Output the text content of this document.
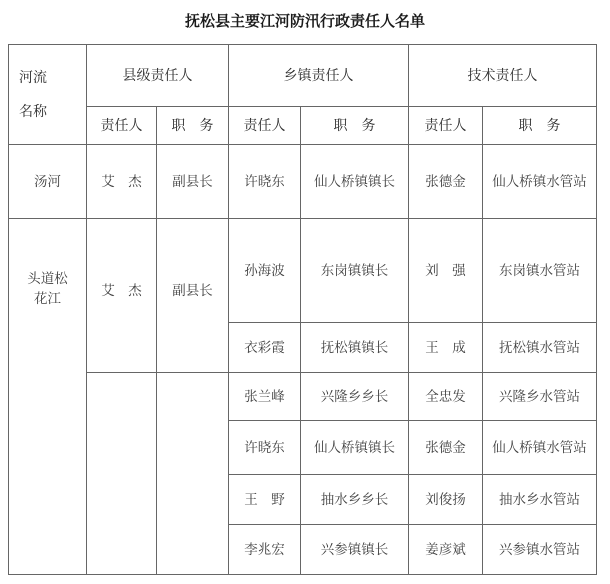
抚松县主要江河防汛行政责任人名单
河流
名称	县级责任人		乡镇责任人		技术责任人	
	责任人	职　务	责任人	职　务	责任人	职　务
汤河	艾　杰	副县长	许晓东	仙人桥镇镇长	张德金	仙人桥镇水管站
头道松花江	艾　杰	副县长	孙海波	东岗镇镇长	刘　强	东岗镇水管站
			衣彩霞	抚松镇镇长	王　成	抚松镇水管站
			张兰峰	兴隆乡乡长	全忠发	兴隆乡水管站
			许晓东	仙人桥镇镇长	张德金	仙人桥镇水管站
			王　野	抽水乡乡长	刘俊扬	抽水乡水管站
			李兆宏	兴参镇镇长	姜彦斌	兴参镇水管站
